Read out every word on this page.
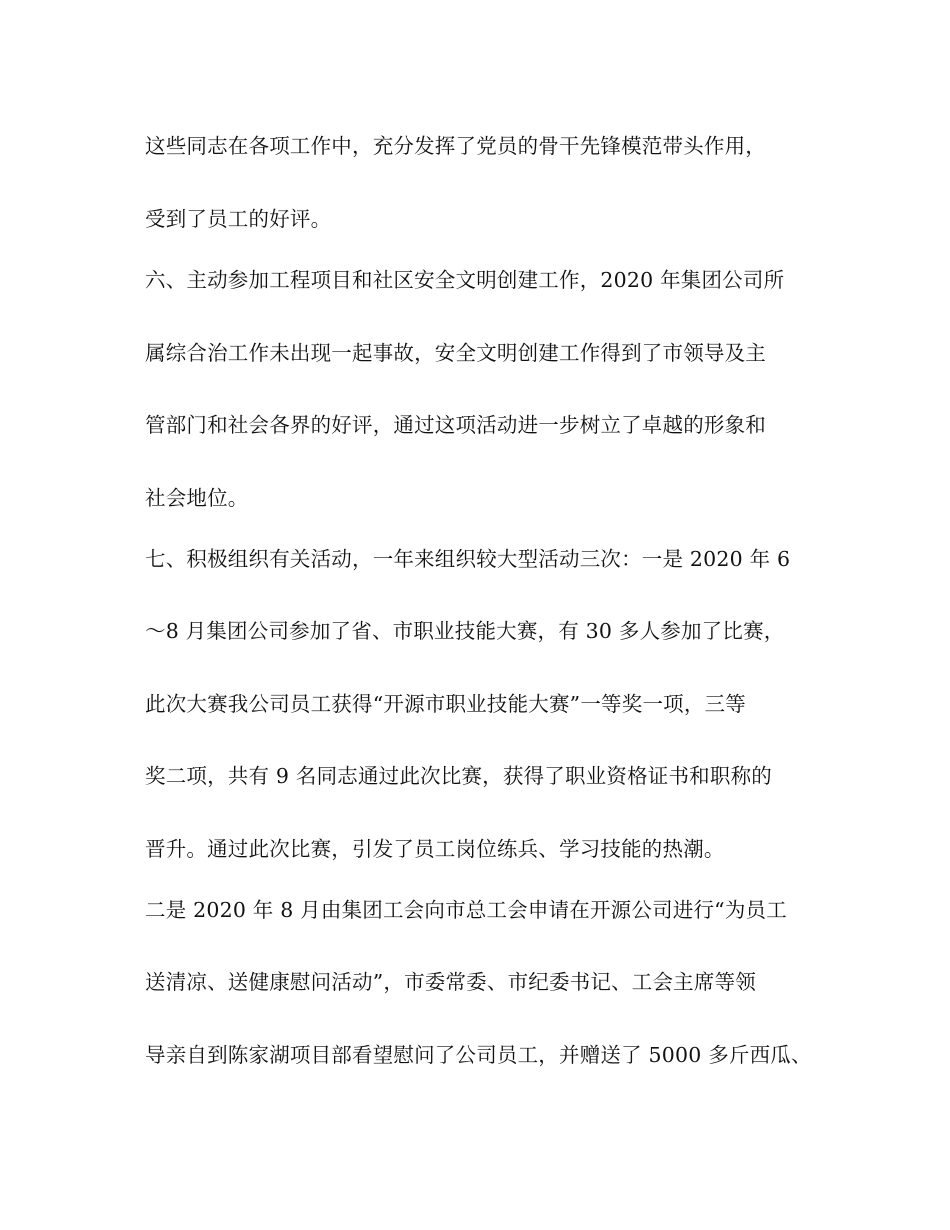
这些同志在各项工作中，充分发挥了党员的骨干先锋模范带头作用，
受到了员工的好评。
六、主动参加工程项目和社区安全文明创建工作，2020 年集团公司所
属综合治工作未出现一起事故，安全文明创建工作得到了市领导及主
管部门和社会各界的好评，通过这项活动进一步树立了卓越的形象和
社会地位。
七、积极组织有关活动，一年来组织较大型活动三次：一是 2020 年 6
～8 月集团公司参加了省、市职业技能大赛，有 30 多人参加了比赛，
此次大赛我公司员工获得“开源市职业技能大赛”一等奖一项，三等
奖二项，共有 9 名同志通过此次比赛，获得了职业资格证书和职称的
晋升。通过此次比赛，引发了员工岗位练兵、学习技能的热潮。
二是 2020 年 8 月由集团工会向市总工会申请在开源公司进行“为员工
送清凉、送健康慰问活动”，市委常委、市纪委书记、工会主席等领
导亲自到陈家湖项目部看望慰问了公司员工，并赠送了 5000 多斤西瓜、
